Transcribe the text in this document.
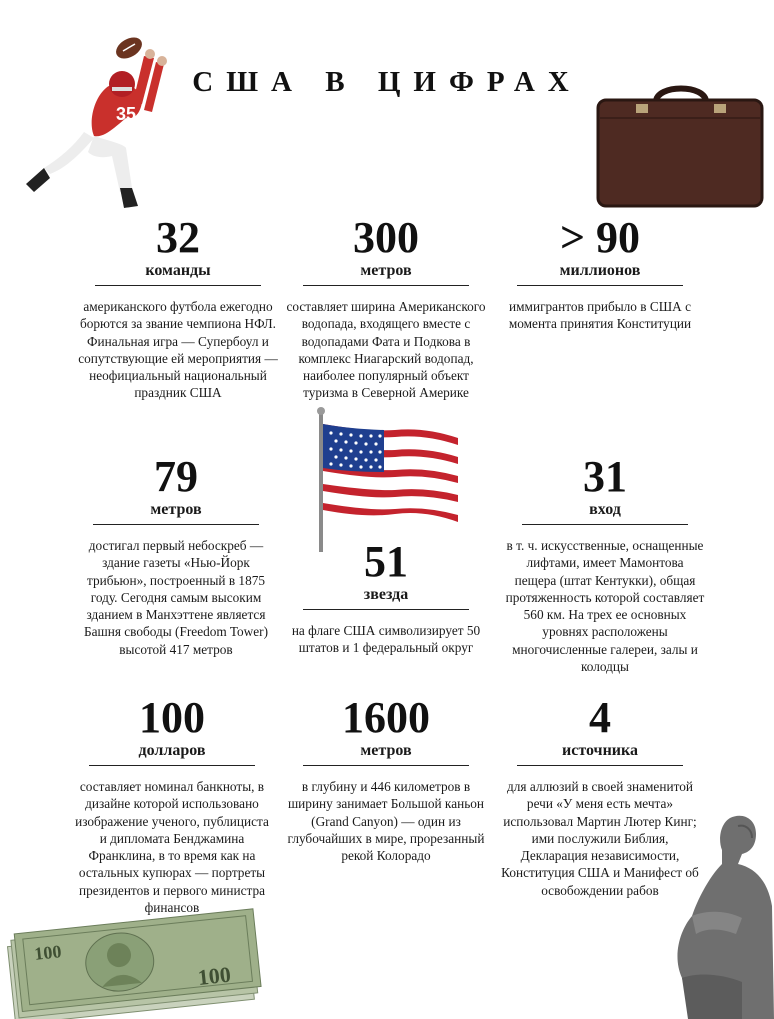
США В ЦИФРАХ
35
100
100
32
команды
американского футбола ежегодно борются за звание чемпиона НФЛ. Финальная игра — Супербоул и сопутствующие ей мероприятия — неофициальный национальный праздник США
300
метров
составляет ширина Американского водопада, входящего вместе с водопадами Фата и Подкова в комплекс Ниагарский водопад, наиболее популярный объект туризма в Северной Америке
> 90
миллионов
иммигрантов прибыло в США с момента принятия Конституции
79
метров
достигал первый небоскреб — здание газеты «Нью-Йорк трибьюн», построенный в 1875 году. Сегодня самым высоким зданием в Манхэттене является Башня свободы (Freedom Tower) высотой 417 метров
51
звезда
на флаге США символизирует 50 штатов и 1 федеральный округ
31
вход
в т. ч. искусственные, оснащенные лифтами, имеет Мамонтова пещера (штат Кентукки), общая протяженность которой составляет 560 км. На трех ее основных уровнях расположены многочисленные галереи, залы и колодцы
100
долларов
составляет номинал банкноты, в дизайне которой использовано изображение ученого, публициста и дипломата Бенджамина Франклина, в то время как на остальных купюрах — портреты президентов и первого министра финансов
1600
метров
в глубину и 446 километров в ширину занимает Большой каньон (Grand Canyon) — один из глубочайших в мире, прорезанный рекой Колорадо
4
источника
для аллюзий в своей знаменитой речи «У меня есть мечта» использовал Мартин Лютер Кинг; ими послужили Библия, Декларация независимости, Конституция США и Манифест об освобождении рабов
